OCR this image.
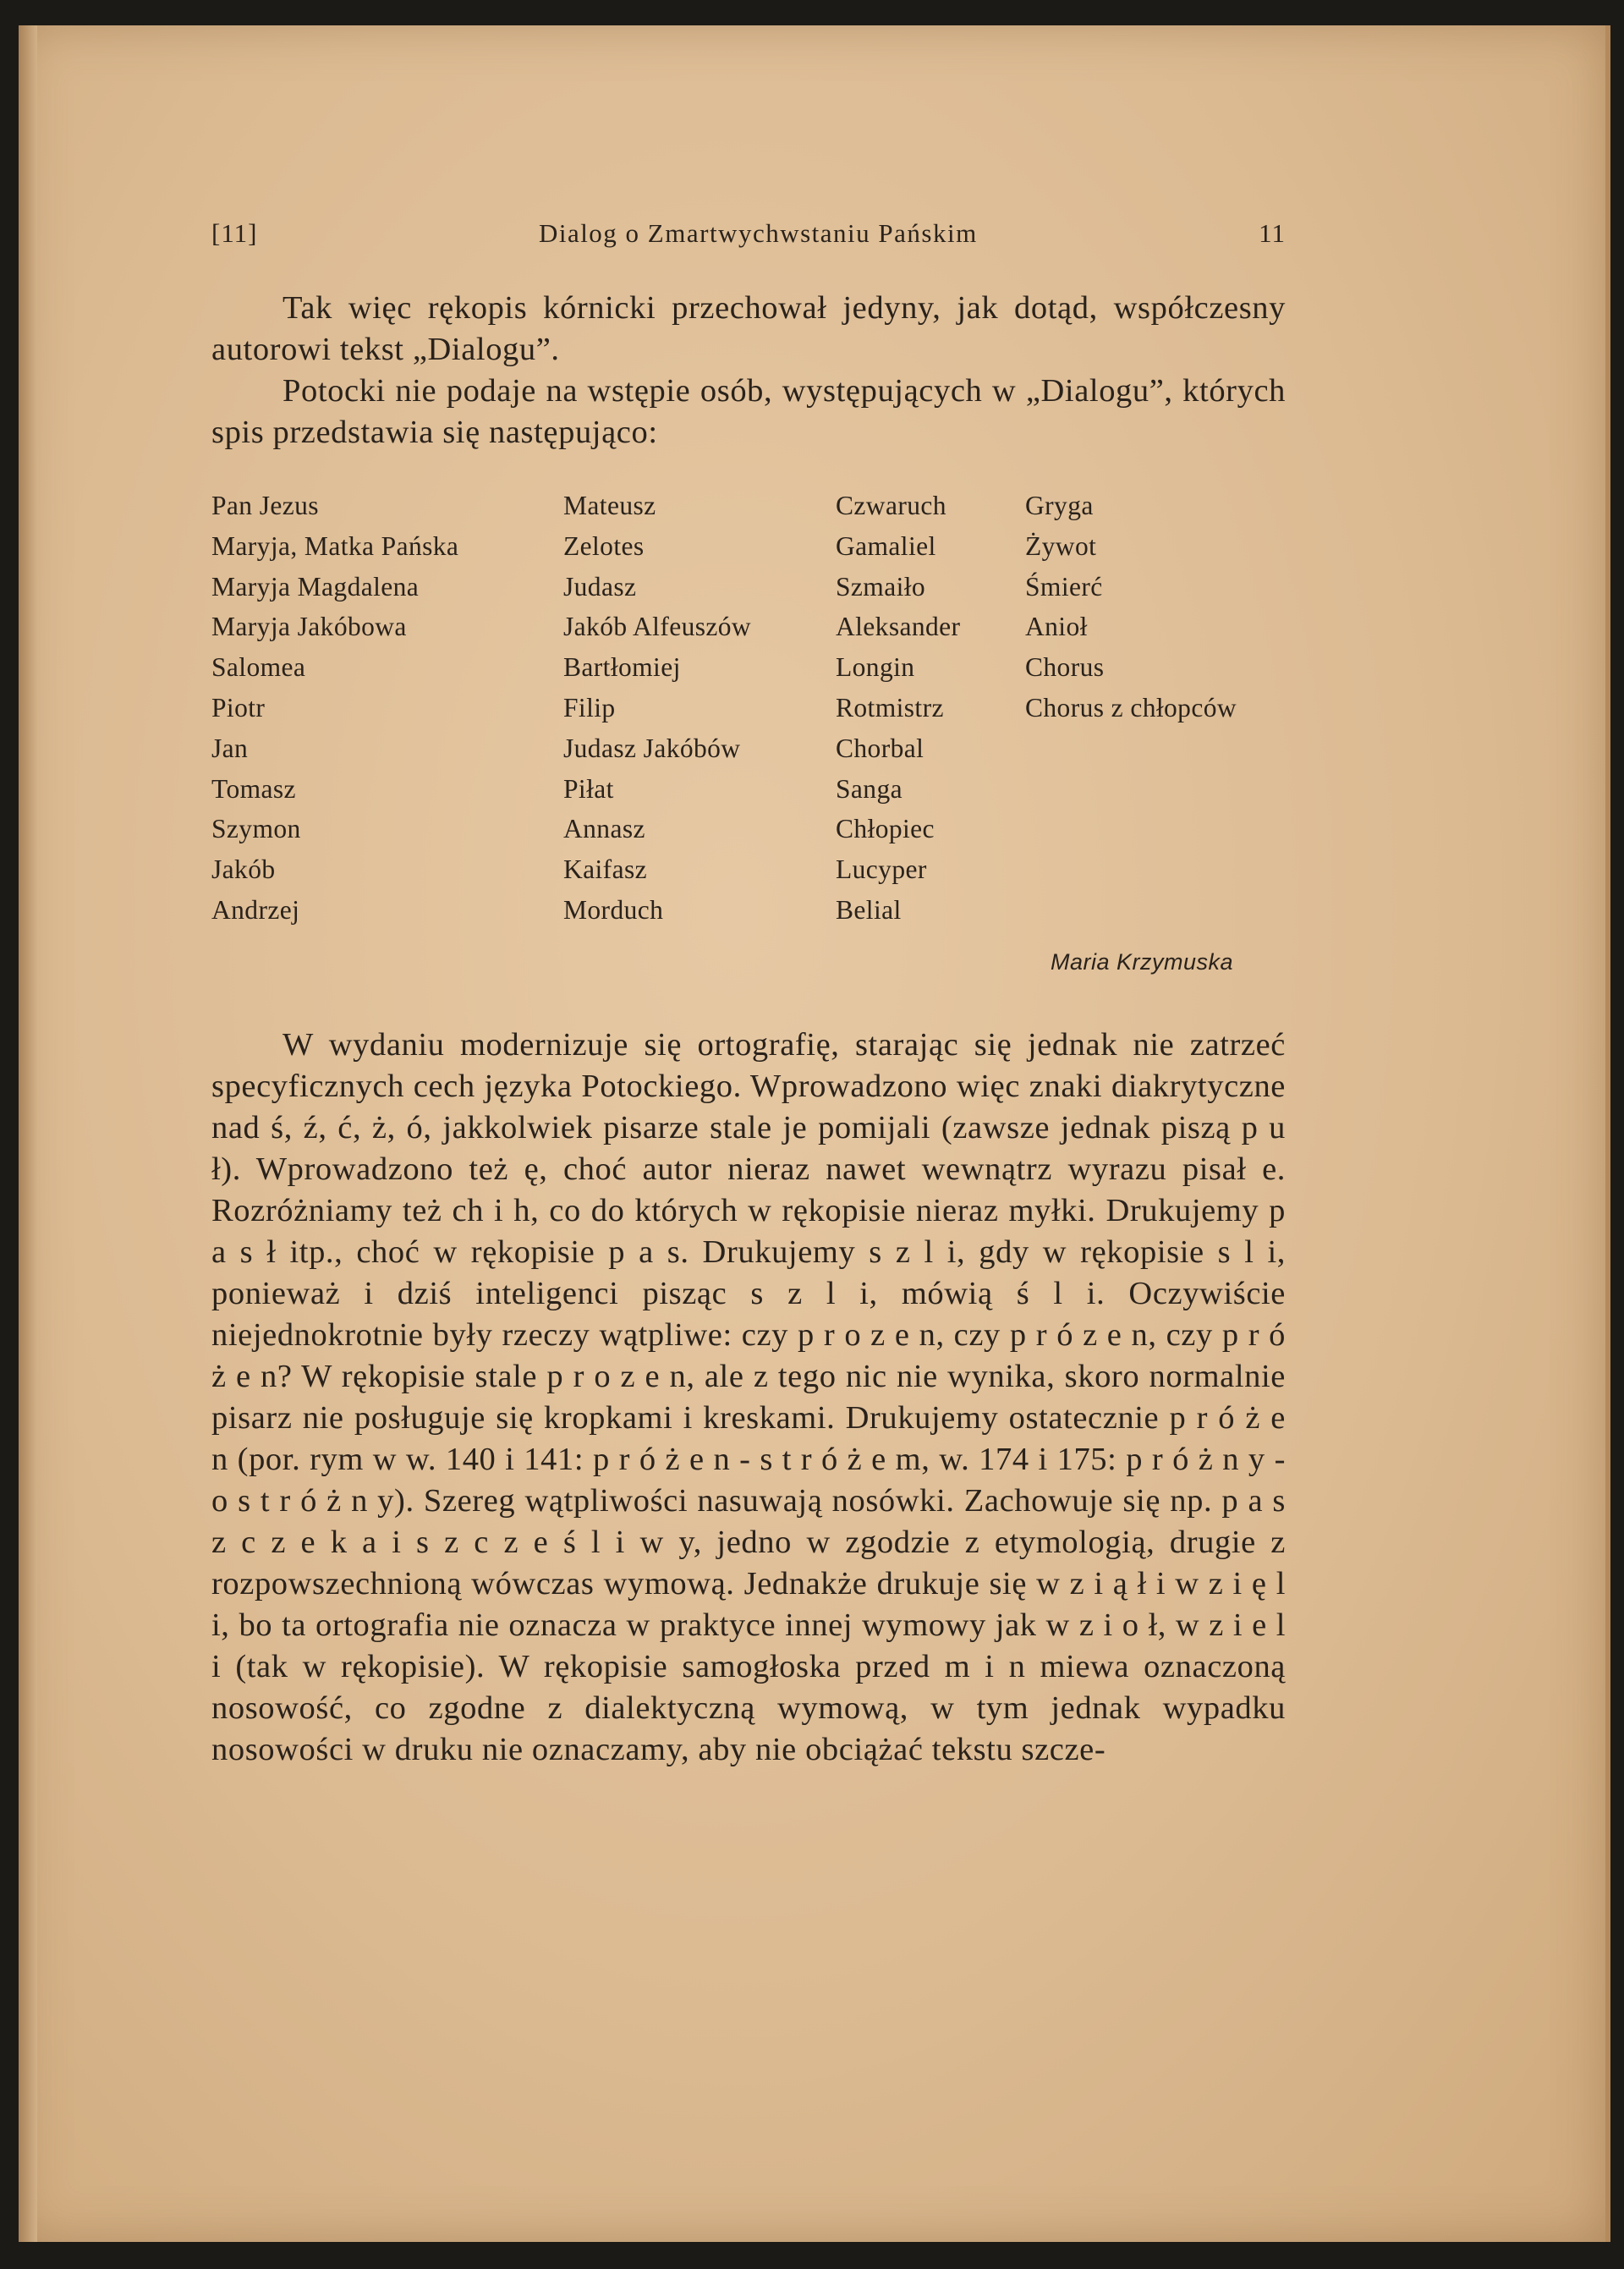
[11]	Dialog o Zmartwychwstaniu Pańskim	11

Tak więc rękopis kórnicki przechował jedyny, jak dotąd, współczesny autorowi tekst „Dialogu”.

Potocki nie podaje na wstępie osób, występujących w „Dialogu”, których spis przedstawia się następująco:

Pan Jezus
Maryja, Matka Pańska
Maryja Magdalena
Maryja Jakóbowa
Salomea
Piotr
Jan
Tomasz
Szymon
Jakób
Andrzej
Mateusz
Zelotes
Judasz
Jakób Alfeuszów
Bartłomiej
Filip
Judasz Jakóbów
Piłat
Annasz
Kaifasz
Morduch
Czwaruch
Gamaliel
Szmaiło
Aleksander
Longin
Rotmistrz
Chorbal
Sanga
Chłopiec
Lucyper
Belial
Gryga
Żywot
Śmierć
Anioł
Chorus
Chorus z chłopców
Maria Krzymuska

W wydaniu modernizuje się ortografię, starając się jednak nie zatrzeć specyficznych cech języka Potockiego. Wprowadzono więc znaki diakrytyczne nad ś, ź, ć, ż, ó, jakkolwiek pisarze stale je pomijali (zawsze jednak piszą p u ł). Wprowadzono też ę, choć autor nieraz nawet wewnątrz wyrazu pisał e. Rozróżniamy też ch i h, co do których w rękopisie nieraz myłki. Drukujemy p a s ł itp., choć w rękopisie p a s. Drukujemy s z l i, gdy w rękopisie s l i, ponieważ i dziś inteligenci pisząc s z l i, mówią ś l i. Oczywiście niejednokrotnie były rzeczy wątpliwe: czy p r o z e n, czy p r ó z e n, czy p r ó ż e n? W rękopisie stale p r o z e n, ale z tego nic nie wynika, skoro normalnie pisarz nie posługuje się kropkami i kreskami. Drukujemy ostatecznie p r ó ż e n (por. rym w w. 140 i 141: p r ó ż e n - s t r ó ż e m, w. 174 i 175: p r ó ż n y - o s t r ó ż n y). Szereg wątpliwości nasuwają nosówki. Zachowuje się np. p a s z c z e k a i s z c z e ś l i w y, jedno w zgodzie z etymologią, drugie z rozpowszechnioną wówczas wymową. Jednakże drukuje się w z i ą ł i w z i ę l i, bo ta ortografia nie oznacza w praktyce innej wymowy jak w z i o ł, w z i e l i (tak w rękopisie). W rękopisie samogłoska przed m i n miewa oznaczoną nosowość, co zgodne z dialektyczną wymową, w tym jednak wypadku nosowości w druku nie oznaczamy, aby nie obciążać tekstu szcze-
